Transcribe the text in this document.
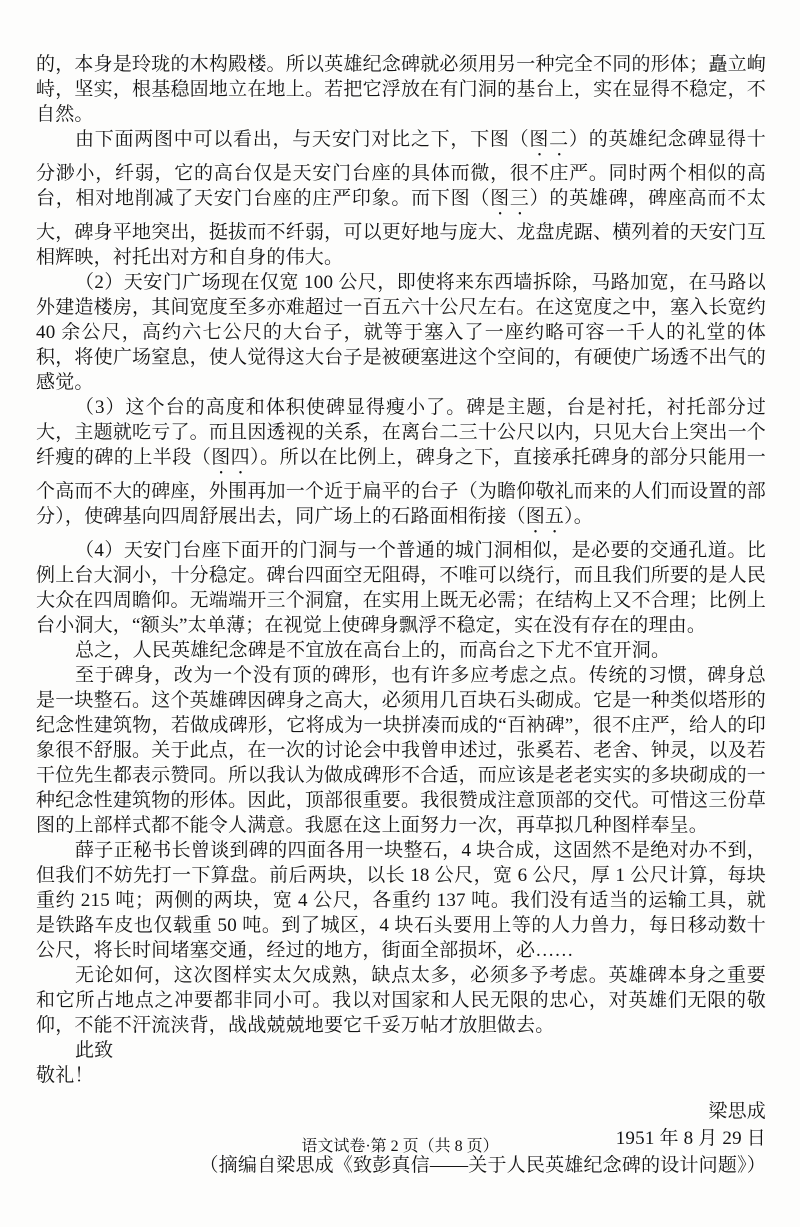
的，本身是玲珑的木构殿楼。所以英雄纪念碑就必须用另一种完全不同的形体；矗立峋峙，坚实，根基稳固地立在地上。若把它浮放在有门洞的基台上，实在显得不稳定，不自然。

由下面两图中可以看出，与天安门对比之下，下图（图二）的英雄纪念碑显得十分渺小，纤弱，它的高台仅是天安门台座的具体而微，很不庄严。同时两个相似的高台，相对地削减了天安门台座的庄严印象。而下图（图三）的英雄碑，碑座高而不太大，碑身平地突出，挺拔而不纤弱，可以更好地与庞大、龙盘虎踞、横列着的天安门互相辉映，衬托出对方和自身的伟大。

（2）天安门广场现在仅宽 100 公尺，即使将来东西墙拆除，马路加宽，在马路以外建造楼房，其间宽度至多亦难超过一百五六十公尺左右。在这宽度之中，塞入长宽约 40 余公尺，高约六七公尺的大台子，就等于塞入了一座约略可容一千人的礼堂的体积，将使广场窒息，使人觉得这大台子是被硬塞进这个空间的，有硬使广场透不出气的感觉。

（3）这个台的高度和体积使碑显得瘦小了。碑是主题，台是衬托，衬托部分过大，主题就吃亏了。而且因透视的关系，在离台二三十公尺以内，只见大台上突出一个纤瘦的碑的上半段（图四）。所以在比例上，碑身之下，直接承托碑身的部分只能用一个高而不大的碑座，外围再加一个近于扁平的台子（为瞻仰敬礼而来的人们而设置的部分），使碑基向四周舒展出去，同广场上的石路面相衔接（图五）。

（4）天安门台座下面开的门洞与一个普通的城门洞相似，是必要的交通孔道。比例上台大洞小，十分稳定。碑台四面空无阻碍，不唯可以绕行，而且我们所要的是人民大众在四周瞻仰。无端端开三个洞窟，在实用上既无必需；在结构上又不合理；比例上台小洞大，“额头”太单薄；在视觉上使碑身飘浮不稳定，实在没有存在的理由。

总之，人民英雄纪念碑是不宜放在高台上的，而高台之下尤不宜开洞。

至于碑身，改为一个没有顶的碑形，也有许多应考虑之点。传统的习惯，碑身总是一块整石。这个英雄碑因碑身之高大，必须用几百块石头砌成。它是一种类似塔形的纪念性建筑物，若做成碑形，它将成为一块拼凑而成的“百衲碑”，很不庄严，给人的印象很不舒服。关于此点，在一次的讨论会中我曾申述过，张奚若、老舍、钟灵，以及若干位先生都表示赞同。所以我认为做成碑形不合适，而应该是老老实实的多块砌成的一种纪念性建筑物的形体。因此，顶部很重要。我很赞成注意顶部的交代。可惜这三份草图的上部样式都不能令人满意。我愿在这上面努力一次，再草拟几种图样奉呈。

薛子正秘书长曾谈到碑的四面各用一块整石，4 块合成，这固然不是绝对办不到，但我们不妨先打一下算盘。前后两块，以长 18 公尺，宽 6 公尺，厚 1 公尺计算，每块重约 215 吨；两侧的两块，宽 4 公尺，各重约 137 吨。我们没有适当的运输工具，就是铁路车皮也仅载重 50 吨。到了城区，4 块石头要用上等的人力兽力，每日移动数十公尺，将长时间堵塞交通，经过的地方，街面全部损坏，必……

无论如何，这次图样实太欠成熟，缺点太多，必须多予考虑。英雄碑本身之重要和它所占地点之冲要都非同小可。我以对国家和人民无限的忠心，对英雄们无限的敬仰，不能不汗流浃背，战战兢兢地要它千妥万帖才放胆做去。

此致

敬礼！

梁思成

1951 年 8 月 29 日

（摘编自梁思成《致彭真信——关于人民英雄纪念碑的设计问题》）

语文试卷·第 2 页（共 8 页）
